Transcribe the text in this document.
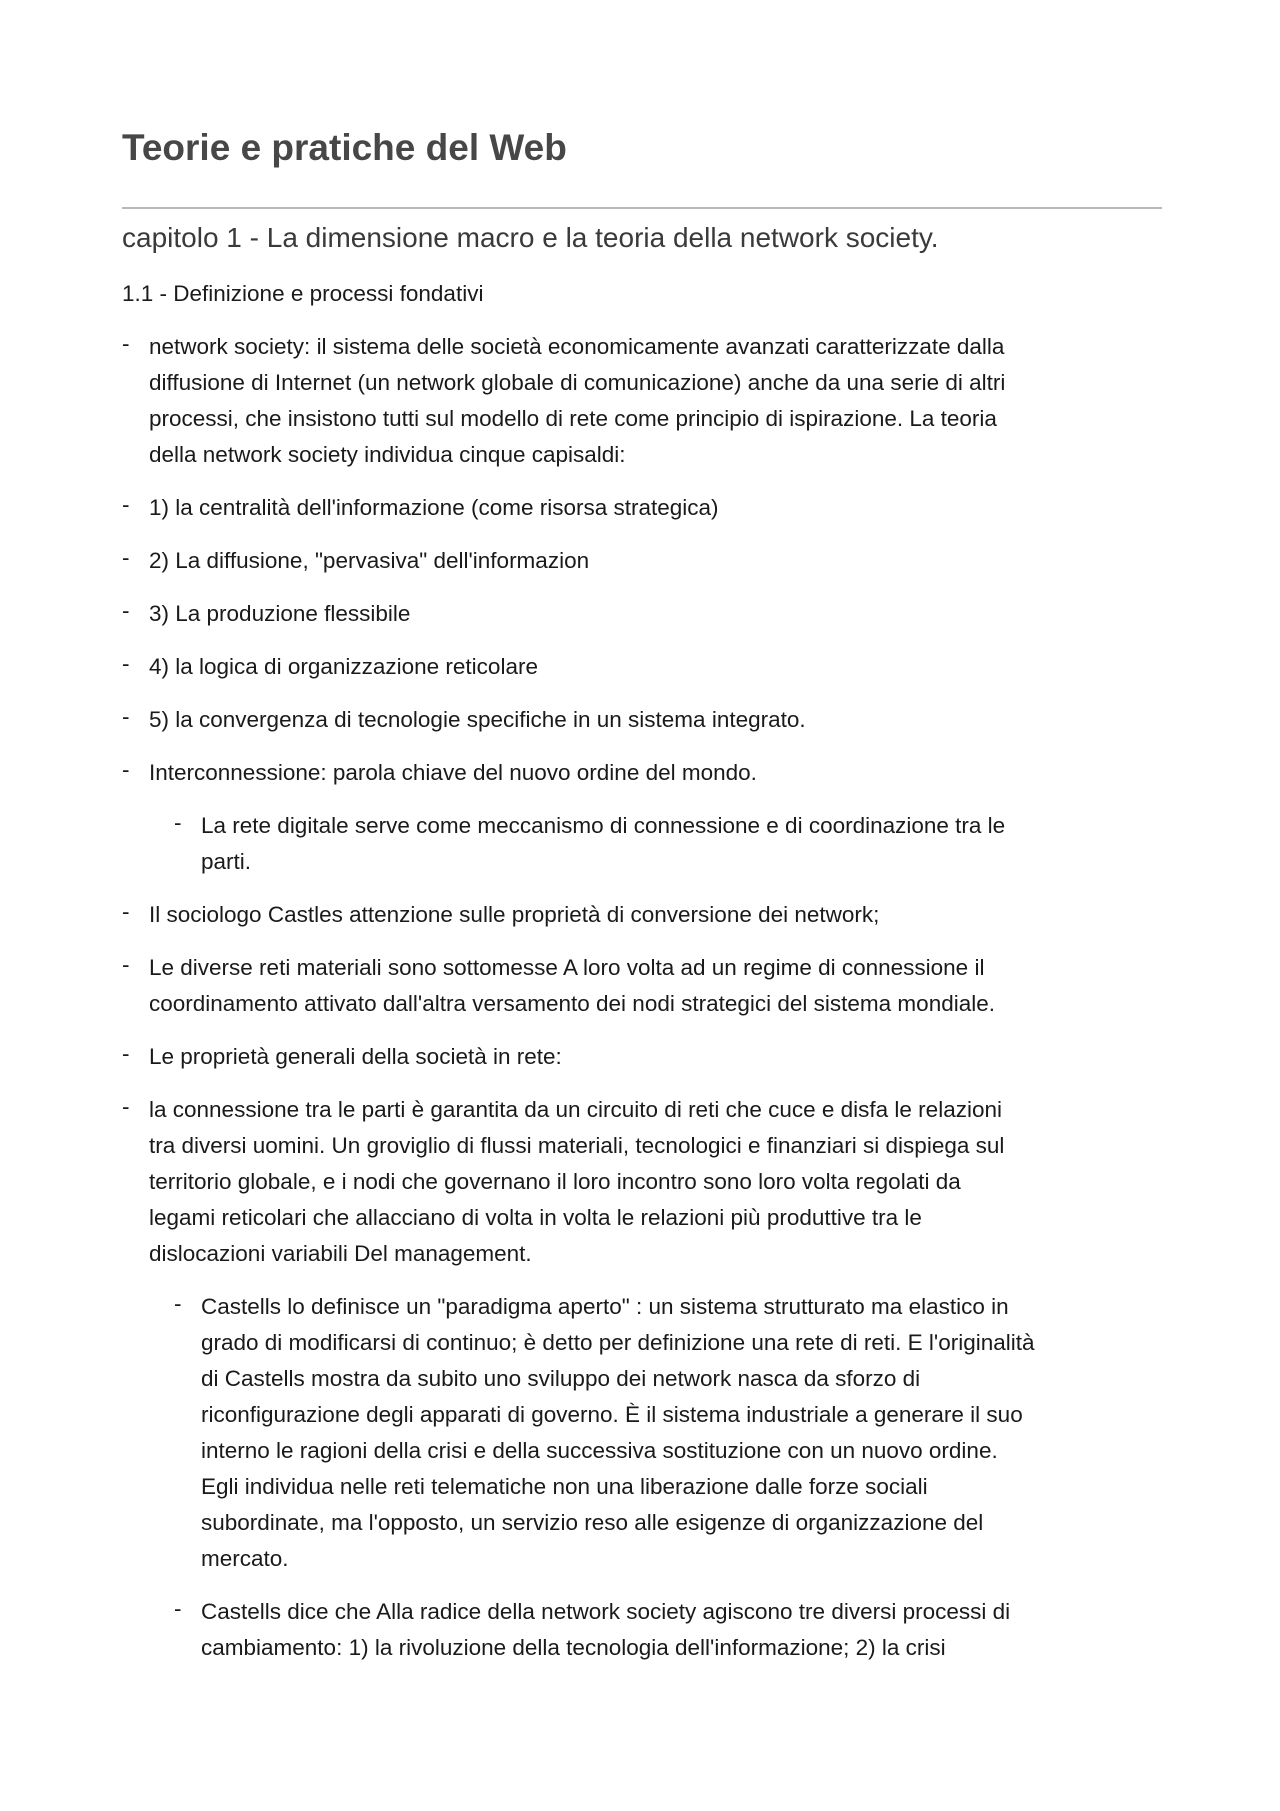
Teorie e pratiche del Web
capitolo 1 - La dimensione macro e la teoria della network society.
1.1 - Definizione e processi fondativi
- network society: il sistema delle società economicamente avanzati caratterizzate dalla
diffusione di Internet (un network globale di comunicazione) anche da una serie di altri
processi, che insistono tutti sul modello di rete come principio di ispirazione. La teoria
della network society individua cinque capisaldi:
- 1) la centralità dell'informazione (come risorsa strategica)
- 2) La diffusione, "pervasiva" dell'informazion
- 3) La produzione flessibile
- 4) la logica di organizzazione reticolare
- 5) la convergenza di tecnologie specifiche in un sistema integrato.
- Interconnessione: parola chiave del nuovo ordine del mondo.
- La rete digitale serve come meccanismo di connessione e di coordinazione tra le
parti.
- Il sociologo Castles attenzione sulle proprietà di conversione dei network;
- Le diverse reti materiali sono sottomesse A loro volta ad un regime di connessione il
coordinamento attivato dall'altra versamento dei nodi strategici del sistema mondiale.
- Le proprietà generali della società in rete:
- la connessione tra le parti è garantita da un circuito di reti che cuce e disfa le relazioni
tra diversi uomini. Un groviglio di flussi materiali, tecnologici e finanziari si dispiega sul
territorio globale, e i nodi che governano il loro incontro sono loro volta regolati da
legami reticolari che allacciano di volta in volta le relazioni più produttive tra le
dislocazioni variabili Del management.
- Castells lo definisce un "paradigma aperto" : un sistema strutturato ma elastico in
grado di modificarsi di continuo; è detto per definizione una rete di reti. E l'originalità
di Castells mostra da subito uno sviluppo dei network nasca da sforzo di
riconfigurazione degli apparati di governo. È il sistema industriale a generare il suo
interno le ragioni della crisi e della successiva sostituzione con un nuovo ordine.
Egli individua nelle reti telematiche non una liberazione dalle forze sociali
subordinate, ma l'opposto, un servizio reso alle esigenze di organizzazione del
mercato.
- Castells dice che Alla radice della network society agiscono tre diversi processi di
cambiamento: 1) la rivoluzione della tecnologia dell'informazione; 2) la crisi
